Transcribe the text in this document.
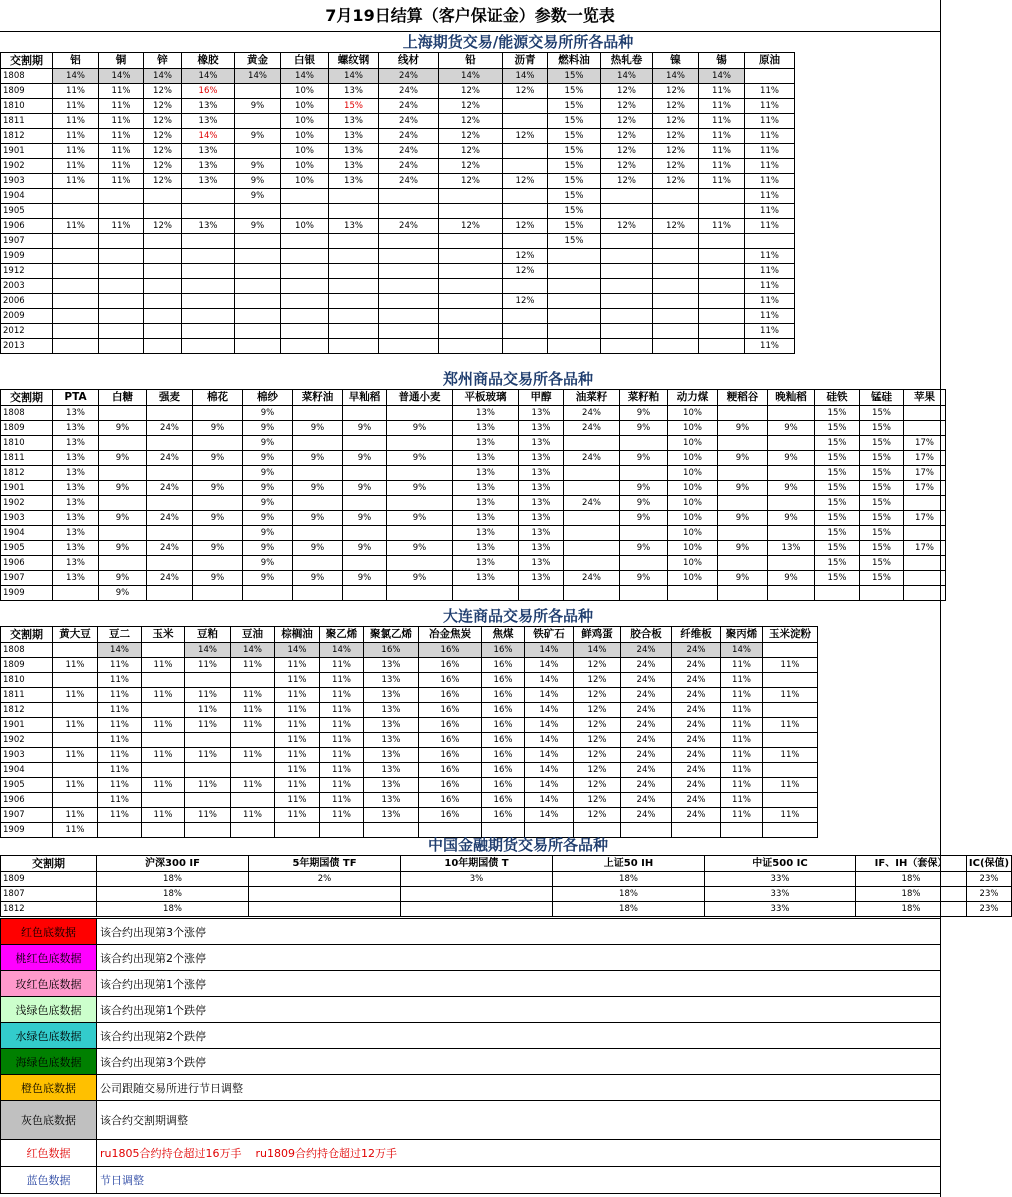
7月19日结算（客户保证金）参数一览表
上海期货交易/能源交易所所各品种
交割期	铝	铜	锌	橡胶	黄金	白银	螺纹钢	线材	铅	沥青	燃料油	热轧卷	镍	锡	原油
1808	14%	14%	14%	14%	14%	14%	14%	24%	14%	14%	15%	14%	14%	14%	
1809	11%	11%	12%	16%		10%	13%	24%	12%	12%	15%	12%	12%	11%	11%
1810	11%	11%	12%	13%	9%	10%	15%	24%	12%		15%	12%	12%	11%	11%
1811	11%	11%	12%	13%		10%	13%	24%	12%		15%	12%	12%	11%	11%
1812	11%	11%	12%	14%	9%	10%	13%	24%	12%	12%	15%	12%	12%	11%	11%
1901	11%	11%	12%	13%		10%	13%	24%	12%		15%	12%	12%	11%	11%
1902	11%	11%	12%	13%	9%	10%	13%	24%	12%		15%	12%	12%	11%	11%
1903	11%	11%	12%	13%	9%	10%	13%	24%	12%	12%	15%	12%	12%	11%	11%
1904					9%						15%				11%
1905											15%				11%
1906	11%	11%	12%	13%	9%	10%	13%	24%	12%	12%	15%	12%	12%	11%	11%
1907											15%				
1909										12%					11%
1912										12%					11%
2003															11%
2006										12%					11%
2009															11%
2012															11%
2013															11%
郑州商品交易所各品种
交割期	PTA	白糖	强麦	棉花	棉纱	菜籽油	早籼稻	普通小麦	平板玻璃	甲醇	油菜籽	菜籽粕	动力煤	粳稻谷	晚籼稻	硅铁	锰硅	苹果
1808	13%				9%				13%	13%	24%	9%	10%			15%	15%	
1809	13%	9%	24%	9%	9%	9%	9%	9%	13%	13%	24%	9%	10%	9%	9%	15%	15%	
1810	13%				9%				13%	13%			10%			15%	15%	17%
1811	13%	9%	24%	9%	9%	9%	9%	9%	13%	13%	24%	9%	10%	9%	9%	15%	15%	17%
1812	13%				9%				13%	13%			10%			15%	15%	17%
1901	13%	9%	24%	9%	9%	9%	9%	9%	13%	13%		9%	10%	9%	9%	15%	15%	17%
1902	13%				9%				13%	13%	24%	9%	10%			15%	15%	
1903	13%	9%	24%	9%	9%	9%	9%	9%	13%	13%		9%	10%	9%	9%	15%	15%	17%
1904	13%				9%				13%	13%			10%			15%	15%	
1905	13%	9%	24%	9%	9%	9%	9%	9%	13%	13%		9%	10%	9%	13%	15%	15%	17%
1906	13%				9%				13%	13%			10%			15%	15%	
1907	13%	9%	24%	9%	9%	9%	9%	9%	13%	13%	24%	9%	10%	9%	9%	15%	15%	
1909		9%																
大连商品交易所各品种
交割期	黄大豆	豆二	玉米	豆粕	豆油	棕榈油	聚乙烯	聚氯乙烯	冶金焦炭	焦煤	铁矿石	鲜鸡蛋	胶合板	纤维板	聚丙烯	玉米淀粉	
1808		14%		14%	14%	14%	14%	16%	16%	16%	14%	14%	24%	24%	14%		
1809	11%	11%	11%	11%	11%	11%	11%	13%	16%	16%	14%	12%	24%	24%	11%	11%	
1810		11%				11%	11%	13%	16%	16%	14%	12%	24%	24%	11%		
1811	11%	11%	11%	11%	11%	11%	11%	13%	16%	16%	14%	12%	24%	24%	11%	11%	
1812		11%		11%	11%	11%	11%	13%	16%	16%	14%	12%	24%	24%	11%		
1901	11%	11%	11%	11%	11%	11%	11%	13%	16%	16%	14%	12%	24%	24%	11%	11%	
1902		11%				11%	11%	13%	16%	16%	14%	12%	24%	24%	11%		
1903	11%	11%	11%	11%	11%	11%	11%	13%	16%	16%	14%	12%	24%	24%	11%	11%	
1904		11%				11%	11%	13%	16%	16%	14%	12%	24%	24%	11%		
1905	11%	11%	11%	11%	11%	11%	11%	13%	16%	16%	14%	12%	24%	24%	11%	11%	
1906		11%				11%	11%	13%	16%	16%	14%	12%	24%	24%	11%		
1907	11%	11%	11%	11%	11%	11%	11%	13%	16%	16%	14%	12%	24%	24%	11%	11%	
1909	11%																
中国金融期货交易所各品种
交割期	沪深300 IF	5年期国债 TF	10年期国债 T	上证50 IH	中证500 IC	IF、IH（套保）	IC(保值)
1809	18%	2%	3%	18%	33%	18%	23%
1807	18%			18%	33%	18%	23%
1812	18%			18%	33%	18%	23%
红色底数据	该合约出现第3个涨停
桃红色底数据	该合约出现第2个涨停
玫红色底数据	该合约出现第1个涨停
浅绿色底数据	该合约出现第1个跌停
水绿色底数据	该合约出现第2个跌停
海绿色底数据	该合约出现第3个跌停
橙色底数据	公司跟随交易所进行节日调整
灰色底数据	该合约交割期调整
红色数据	ru1805合约持仓超过16万手    ru1809合约持仓超过12万手
蓝色数据	节日调整
